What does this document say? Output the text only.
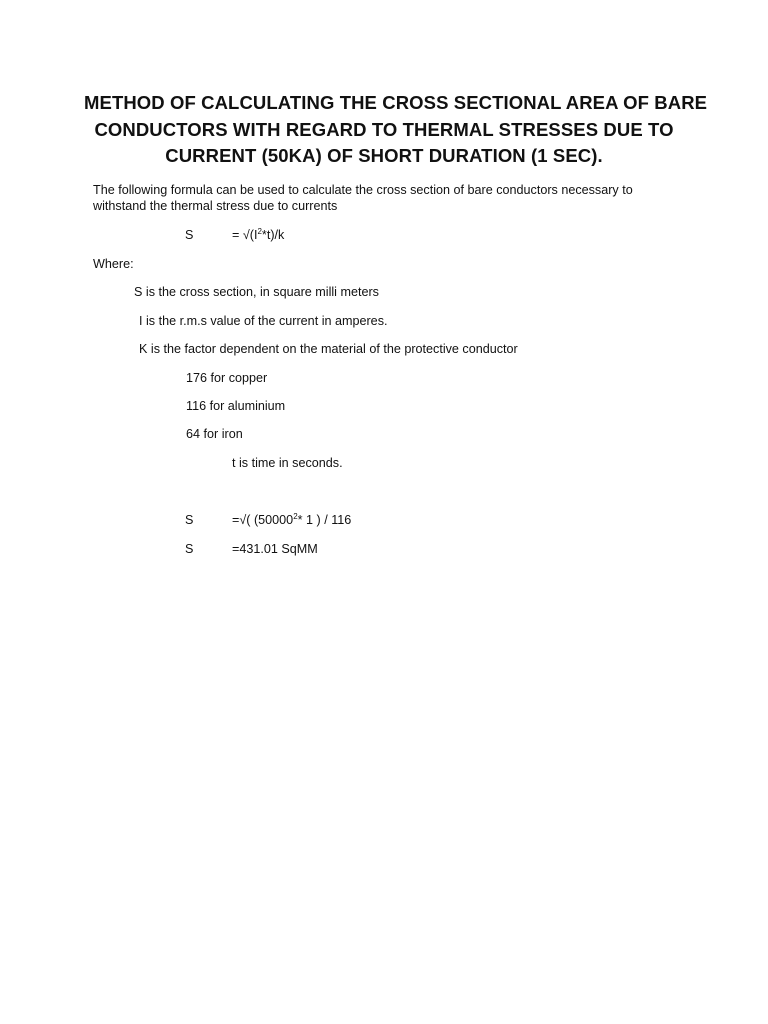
METHOD OF CALCULATING THE CROSS SECTIONAL AREA OF BARE
CONDUCTORS WITH REGARD TO THERMAL STRESSES DUE TO
CURRENT (50KA) OF SHORT DURATION (1 SEC).

The following formula can be used to calculate the cross section of bare conductors necessary to
withstand the thermal stress due to currents

S	= $√(I^2*t)/k$
Where:
S is the cross section, in square milli meters
I is the r.m.s value of the current in amperes.
K is the factor dependent on the material of the protective conductor
176 for copper
116 for aluminium
64 for iron
t is time in seconds.
S	=√( (50000$^2$* 1 ) / 116
S	=431.01 SqMM
